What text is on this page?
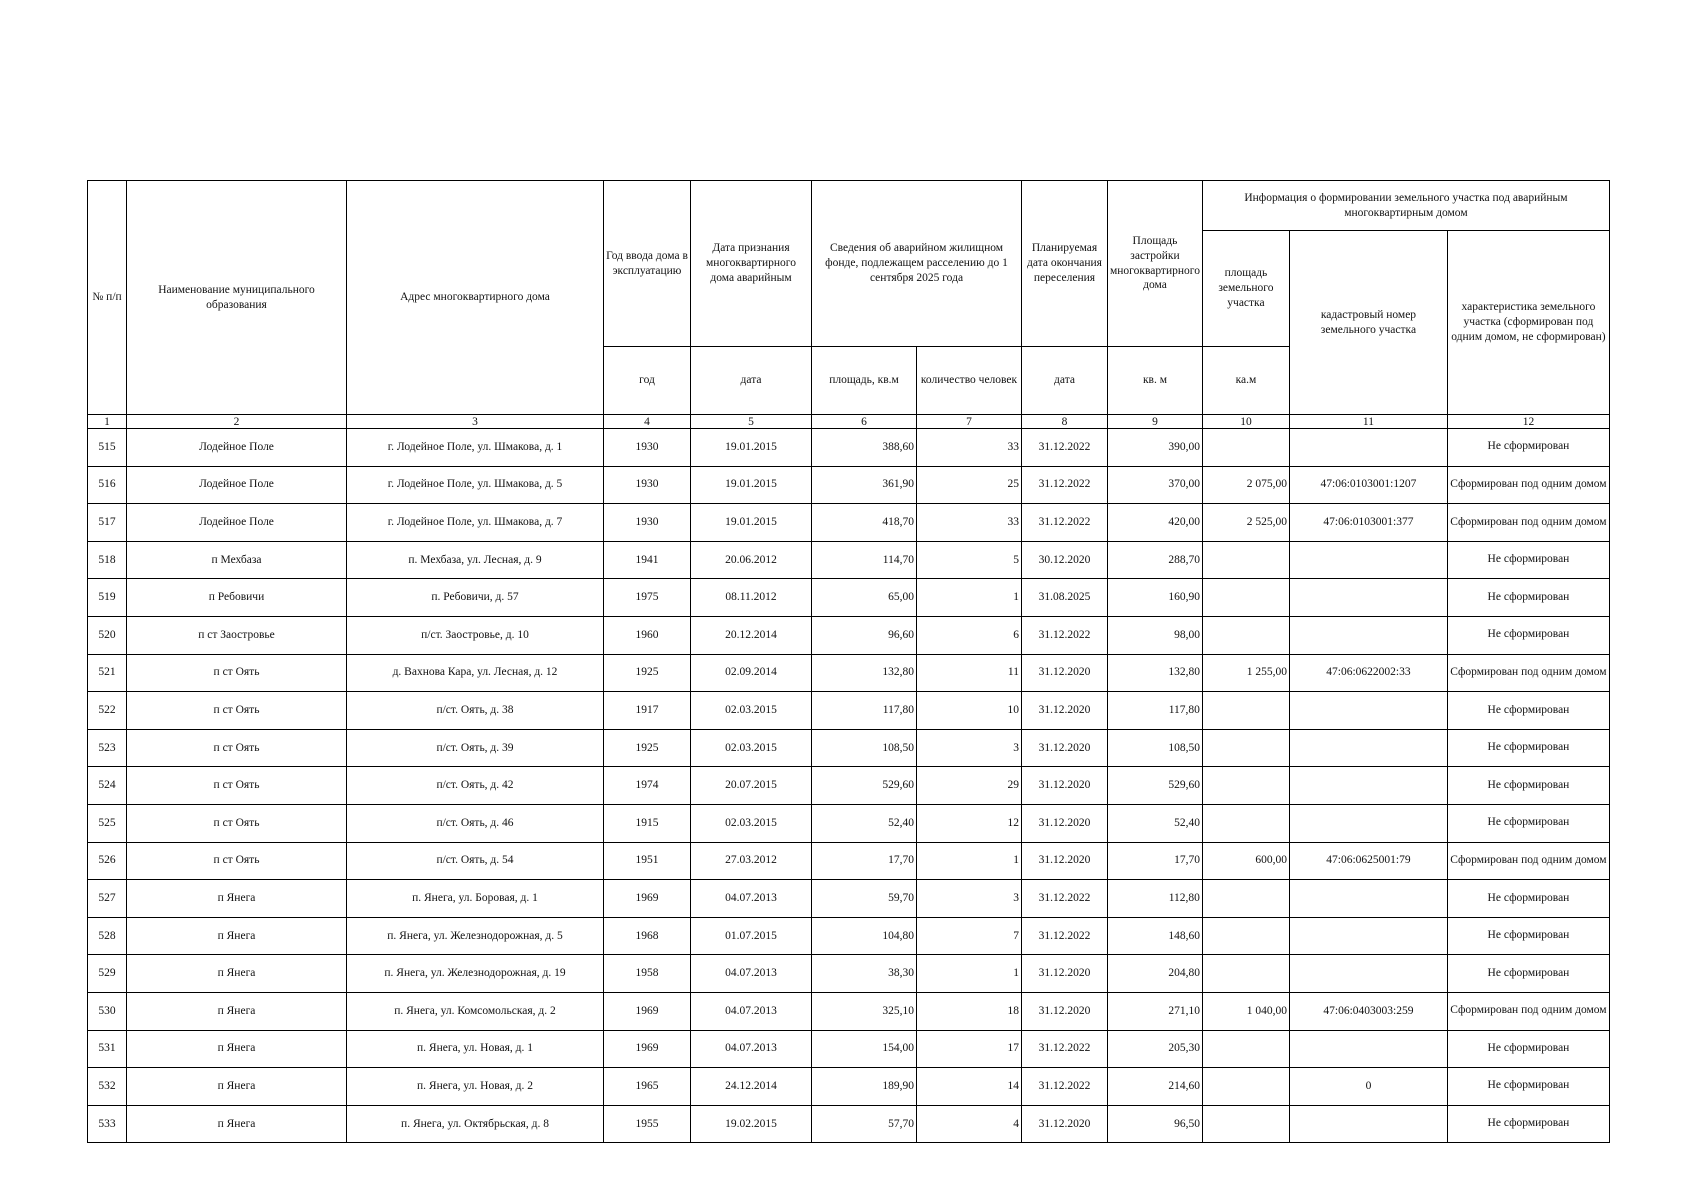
№ п/п	Наименование муниципального образования	Адрес многоквартирного дома	Год ввода дома в эксплуатацию	Дата признания многоквартирного дома аварийным	Сведения об аварийном жилищном фонде, подлежащем расселению до 1 сентября 2025 года		Планируемая дата окончания переселения	Площадь застройки многоквартирного дома	Информация о формировании земельного участка под аварийным многоквартирным домом		
									площадь земельного участка	кадастровый номер земельного участка	характеристика земельного участка (сформирован под одним домом, не сформирован)
			год	дата	площадь, кв.м	количество человек	дата	кв. м	ка.м		
1	2	3	4	5	6	7	8	9	10	11	12
515	Лодейное Поле	г. Лодейное Поле, ул. Шмакова, д. 1	1930	19.01.2015	388,60	33	31.12.2022	390,00			Не сформирован
516	Лодейное Поле	г. Лодейное Поле, ул. Шмакова, д. 5	1930	19.01.2015	361,90	25	31.12.2022	370,00	2 075,00	47:06:0103001:1207	Сформирован под одним домом
517	Лодейное Поле	г. Лодейное Поле, ул. Шмакова, д. 7	1930	19.01.2015	418,70	33	31.12.2022	420,00	2 525,00	47:06:0103001:377	Сформирован под одним домом
518	п Мехбаза	п. Мехбаза, ул. Лесная, д. 9	1941	20.06.2012	114,70	5	30.12.2020	288,70			Не сформирован
519	п Ребовичи	п. Ребовичи, д. 57	1975	08.11.2012	65,00	1	31.08.2025	160,90			Не сформирован
520	п ст Заостровье	п/ст. Заостровье, д. 10	1960	20.12.2014	96,60	6	31.12.2022	98,00			Не сформирован
521	п ст Оять	д. Вахнова Кара, ул. Лесная, д. 12	1925	02.09.2014	132,80	11	31.12.2020	132,80	1 255,00	47:06:0622002:33	Сформирован под одним домом
522	п ст Оять	п/ст. Оять, д. 38	1917	02.03.2015	117,80	10	31.12.2020	117,80			Не сформирован
523	п ст Оять	п/ст. Оять, д. 39	1925	02.03.2015	108,50	3	31.12.2020	108,50			Не сформирован
524	п ст Оять	п/ст. Оять, д. 42	1974	20.07.2015	529,60	29	31.12.2020	529,60			Не сформирован
525	п ст Оять	п/ст. Оять, д. 46	1915	02.03.2015	52,40	12	31.12.2020	52,40			Не сформирован
526	п ст Оять	п/ст. Оять, д. 54	1951	27.03.2012	17,70	1	31.12.2020	17,70	600,00	47:06:0625001:79	Сформирован под одним домом
527	п Янега	п. Янега, ул. Боровая, д. 1	1969	04.07.2013	59,70	3	31.12.2022	112,80			Не сформирован
528	п Янега	п. Янега, ул. Железнодорожная, д. 5	1968	01.07.2015	104,80	7	31.12.2022	148,60			Не сформирован
529	п Янега	п. Янега, ул. Железнодорожная, д. 19	1958	04.07.2013	38,30	1	31.12.2020	204,80			Не сформирован
530	п Янега	п. Янега, ул. Комсомольская, д. 2	1969	04.07.2013	325,10	18	31.12.2020	271,10	1 040,00	47:06:0403003:259	Сформирован под одним домом
531	п Янега	п. Янега, ул. Новая, д. 1	1969	04.07.2013	154,00	17	31.12.2022	205,30			Не сформирован
532	п Янега	п. Янега, ул. Новая, д. 2	1965	24.12.2014	189,90	14	31.12.2022	214,60		0	Не сформирован
533	п Янега	п. Янега, ул. Октябрьская, д. 8	1955	19.02.2015	57,70	4	31.12.2020	96,50			Не сформирован
